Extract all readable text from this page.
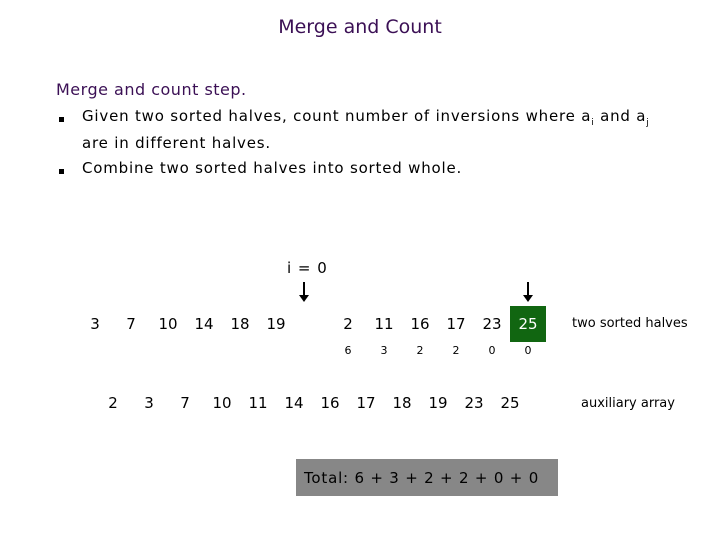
Merge and Count
Merge and count step.
Given two sorted halves, count number of inversions where $a_i$ and $a_j$
are in different halves.
Combine two sorted halves into sorted whole.
i = 0
3	7	10	14	18	19	2	11	16	17	23	25
6	3	2	2	0	0
two sorted halves
2	3	7	10	11	14	16	17	18	19	23	25	auxiliary array
Total: 6 + 3 + 2 + 2 + 0 + 0
